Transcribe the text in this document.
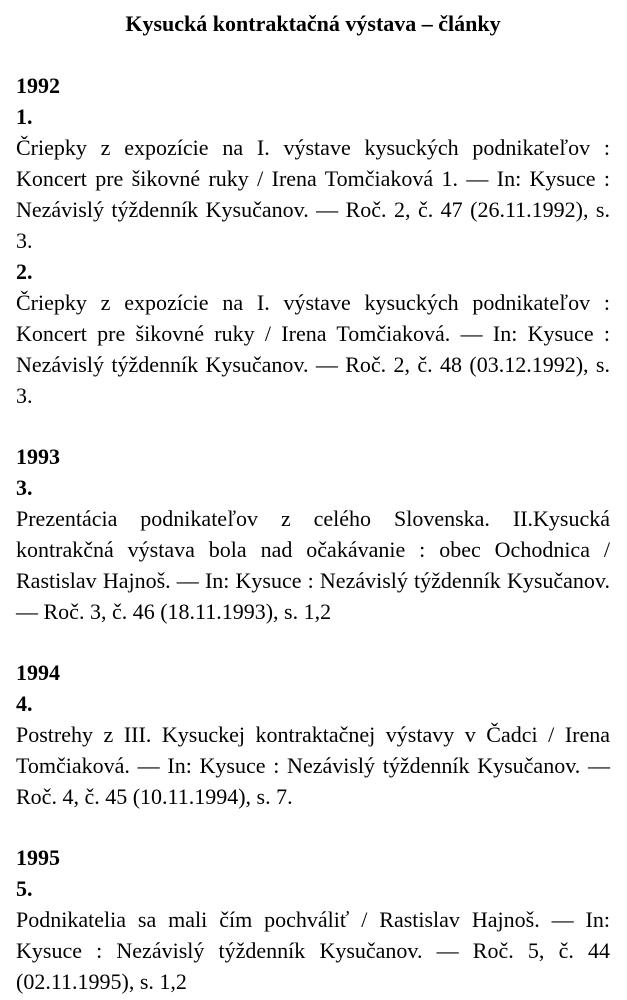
Kysucká kontraktačná výstava – články
1992
1.

Čriepky z expozície na I. výstave kysuckých podnikateľov : Koncert pre šikovné ruky / Irena Tomčiaková 1. — In: Kysuce : Nezávislý týždenník Kysučanov. — Roč. 2, č. 47 (26.11.1992), s. 3.

2.

Čriepky z expozície na I. výstave kysuckých podnikateľov : Koncert pre šikovné ruky / Irena Tomčiaková. — In: Kysuce : Nezávislý týždenník Kysučanov. — Roč. 2, č. 48 (03.12.1992), s. 3.

1993
3.

Prezentácia podnikateľov z celého Slovenska. II.Kysucká kontrakčná výstava bola nad očakávanie : obec Ochodnica / Rastislav Hajnoš. — In: Kysuce : Nezávislý týždenník Kysučanov. — Roč. 3, č. 46 (18.11.1993), s. 1,2

1994
4.

Postrehy z III. Kysuckej kontraktačnej výstavy v Čadci / Irena Tomčiaková. — In: Kysuce : Nezávislý týždenník Kysučanov. — Roč. 4, č. 45 (10.11.1994), s. 7.

1995
5.

Podnikatelia sa mali čím pochváliť / Rastislav Hajnoš. — In: Kysuce : Nezávislý týždenník Kysučanov. — Roč. 5, č. 44 (02.11.1995), s. 1,2
